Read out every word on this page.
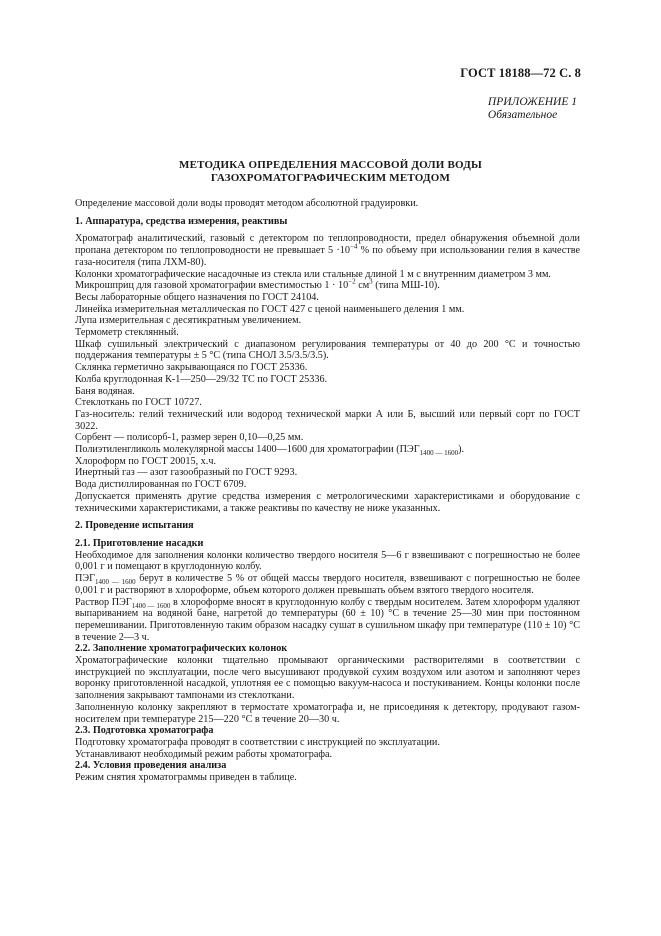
ГОСТ 18188—72 С. 8
ПРИЛОЖЕНИЕ 1
Обязательное
МЕТОДИКА ОПРЕДЕЛЕНИЯ МАССОВОЙ ДОЛИ ВОДЫ
ГАЗОХРОМАТОГРАФИЧЕСКИМ МЕТОДОМ

Определение массовой доли воды проводят методом абсолютной градуировки.

1. Аппаратура, средства измерения, реактивы

Хроматограф аналитический, газовый с детектором по теплопроводности, предел обнаружения объемной доли пропана детектором по теплопроводности не превышает $5 \cdot 10^{-4}$ % по объему при использовании гелия в качестве газа-носителя (типа ЛХМ-80).

Колонки хроматографические насадочные из стекла или стальные длиной 1 м с внутренним диаметром 3 мм.

Микрошприц для газовой хроматографии вместимостью $1 \cdot 10^{-2}$ $см^3$ (типа МШ-10).

Весы лабораторные общего назначения по ГОСТ 24104.

Линейка измерительная металлическая по ГОСТ 427 с ценой наименьшего деления 1 мм.

Лупа измерительная с десятикратным увеличением.

Термометр стеклянный.

Шкаф сушильный электрический с диапазоном регулирования температуры от 40 до 200 °С и точностью поддержания температуры ± 5 °С (типа СНОЛ 3.5/3.5/3.5).

Склянка герметично закрывающаяся по ГОСТ 25336.

Колба круглодонная К-1—250—29/32 ТС по ГОСТ 25336.

Баня водяная.

Стеклоткань по ГОСТ 10727.

Газ-носитель: гелий технический или водород технической марки А или Б, высший или первый сорт по ГОСТ 3022.

Сорбент — полисорб-1, размер зерен 0,10—0,25 мм.

Полиэтиленгликоль молекулярной массы 1400—1600 для хроматографии $(ПЭГ_{1400 — 1600})$.

Хлороформ по ГОСТ 20015, х.ч.

Инертный газ — азот газообразный по ГОСТ 9293.

Вода дистиллированная по ГОСТ 6709.

Допускается применять другие средства измерения с метрологическими характеристиками и оборудование с техническими характеристиками, а также реактивы по качеству не ниже указанных.

2. Проведение испытания

2.1. Приготовление насадки

Необходимое для заполнения колонки количество твердого носителя 5—6 г взвешивают с погрешностью не более 0,001 г и помещают в круглодонную колбу.

$ПЭГ_{1400 — 1600}$ берут в количестве 5 % от общей массы твердого носителя, взвешивают с погрешностью не более 0,001 г и растворяют в хлороформе, объем которого должен превышать объем взятого твердого носителя.

Раствор $ПЭГ_{1400 — 1600}$ в хлороформе вносят в круглодонную колбу с твердым носителем. Затем хлороформ удаляют выпариванием на водяной бане, нагретой до температуры (60 ± 10) °С в течение 25—30 мин при постоянном перемешивании. Приготовленную таким образом насадку сушат в сушильном шкафу при температуре (110 ± 10) °С в течение 2—3 ч.

2.2. Заполнение хроматографических колонок

Хроматографические колонки тщательно промывают органическими растворителями в соответствии с инструкцией по эксплуатации, после чего высушивают продувкой сухим воздухом или азотом и заполняют через воронку приготовленной насадкой, уплотняя ее с помощью вакуум-насоса и постукиванием. Концы колонки после заполнения закрывают тампонами из стеклоткани.

Заполненную колонку закрепляют в термостате хроматографа и, не присоединяя к детектору, продувают газом-носителем при температуре 215—220 °С в течение 20—30 ч.

2.3. Подготовка хроматографа

Подготовку хроматографа проводят в соответствии с инструкцией по эксплуатации.

Устанавливают необходимый режим работы хроматографа.

2.4. Условия проведения анализа

Режим снятия хроматограммы приведен в таблице.
